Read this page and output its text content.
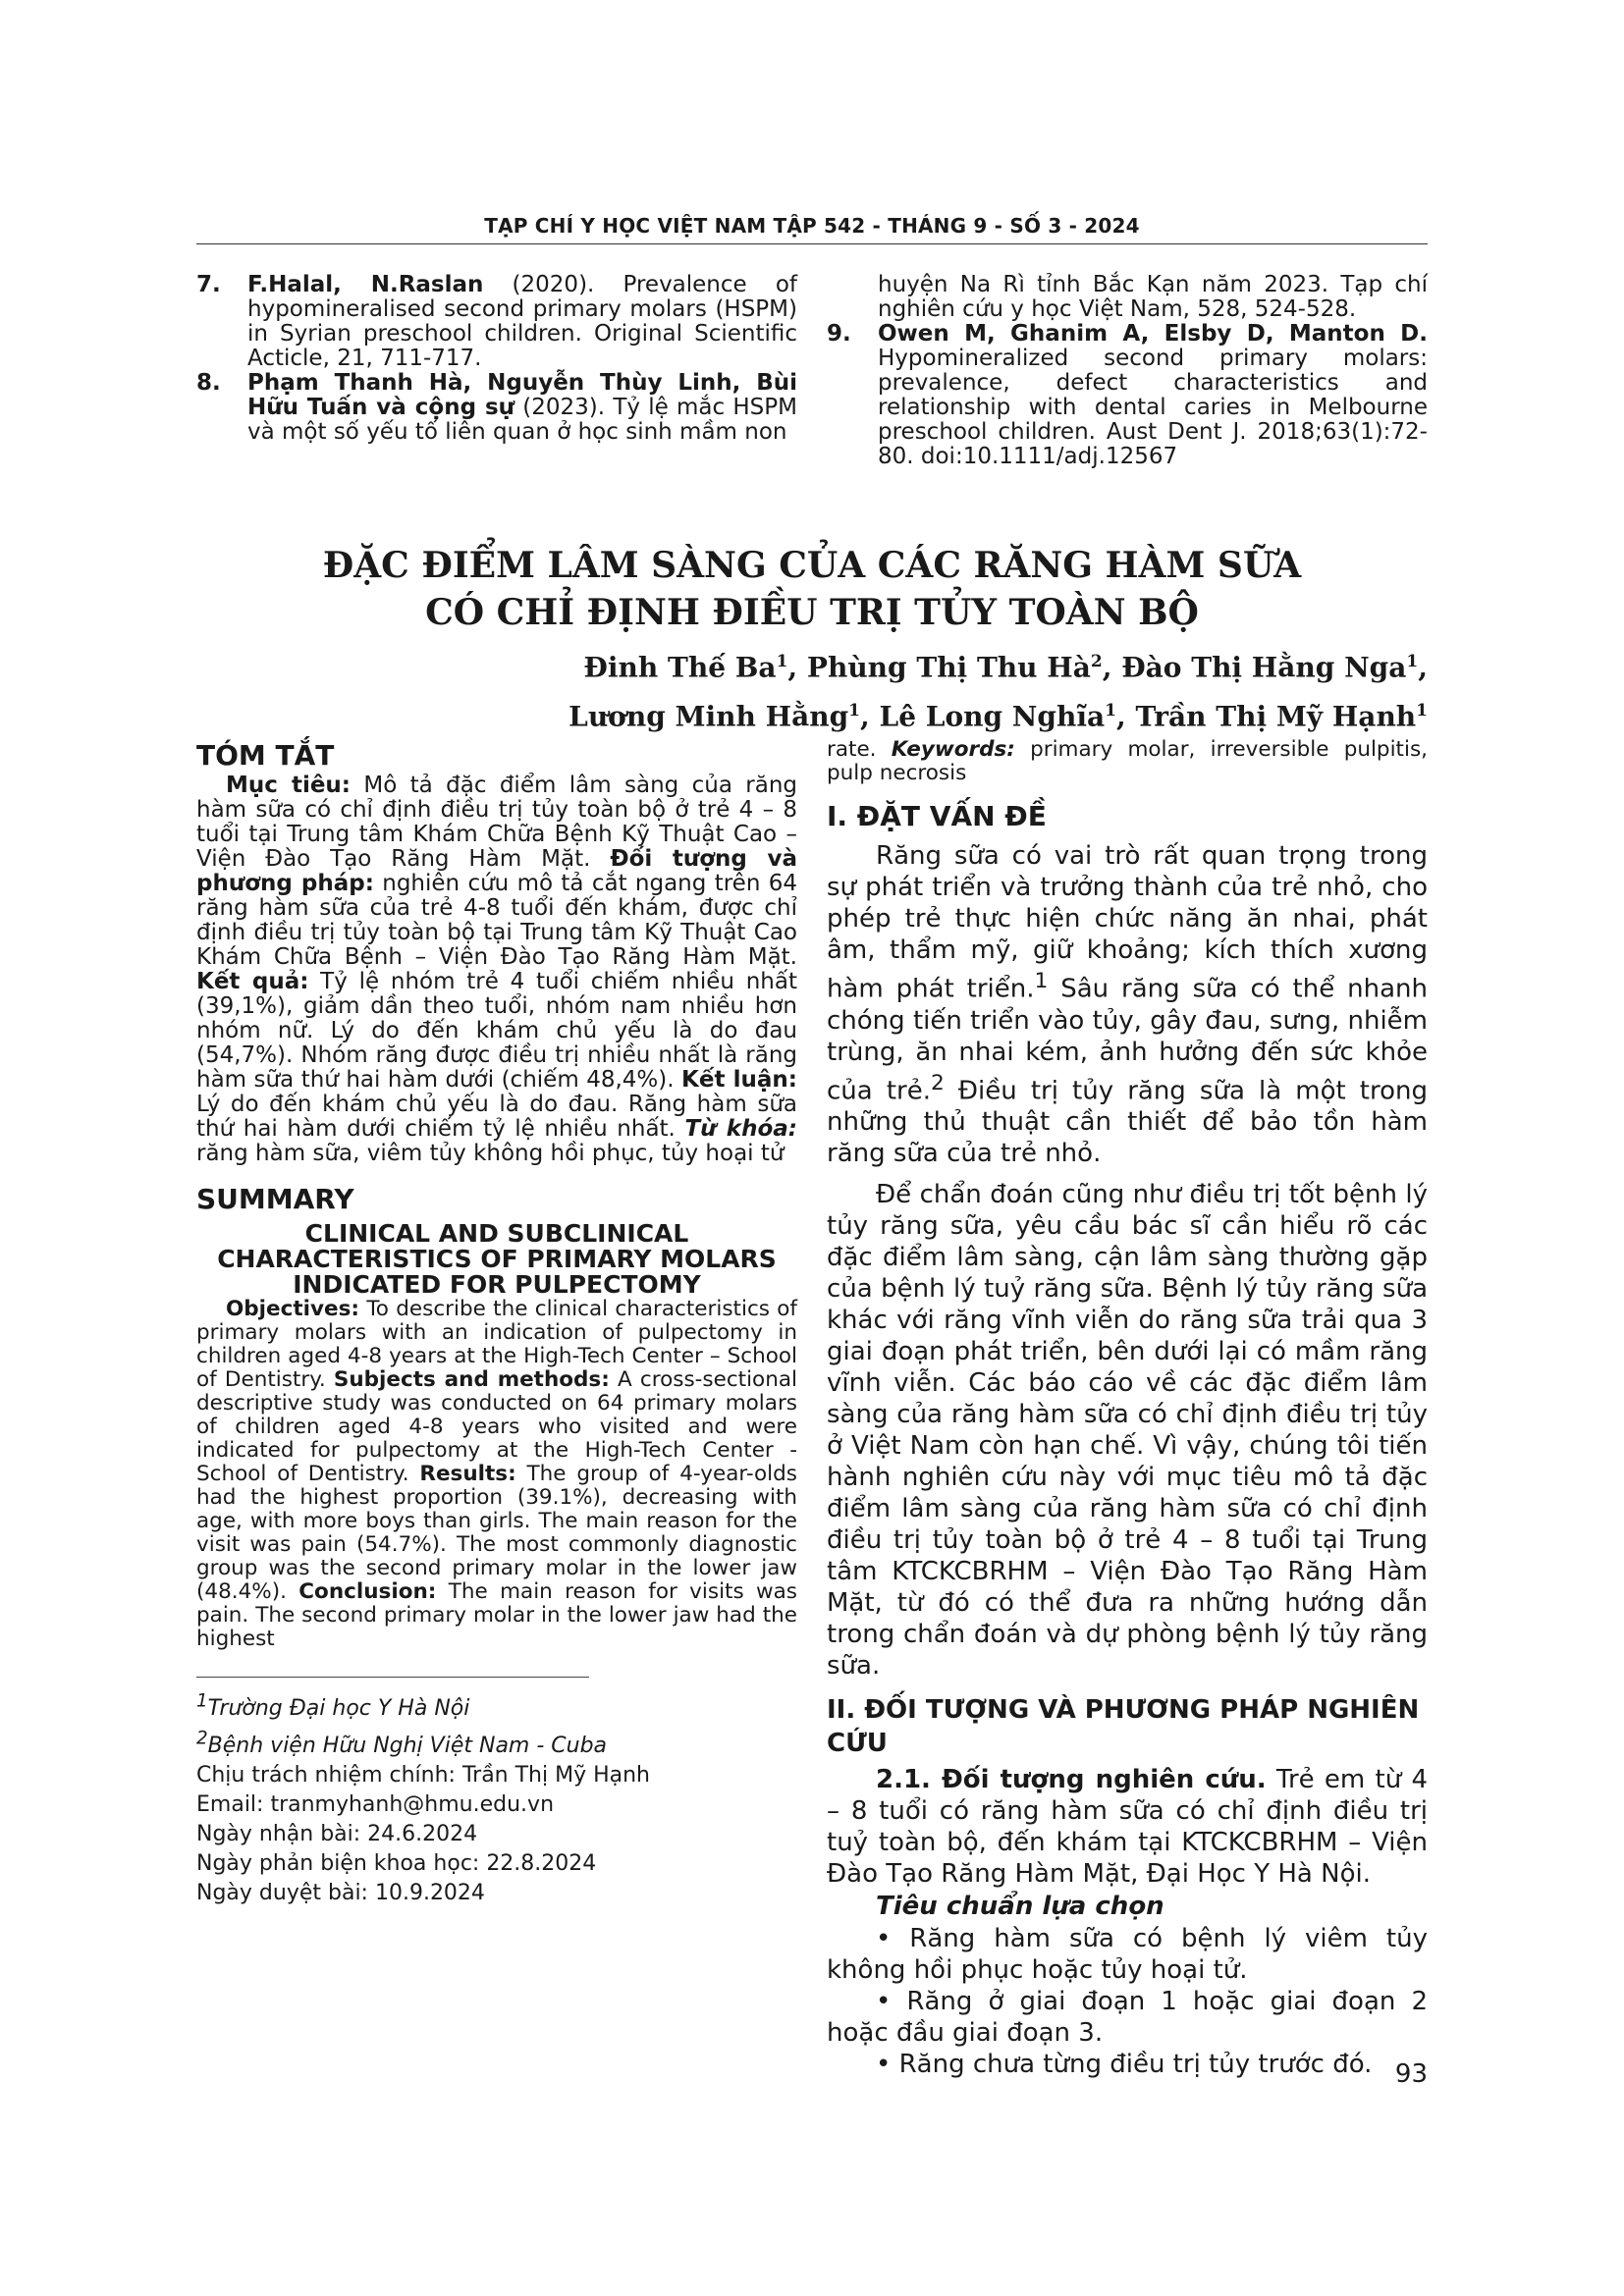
TẠP CHÍ Y HỌC VIỆT NAM TẬP 542 - THÁNG 9 - SỐ 3 - 2024
7.	F.Halal, N.Raslan (2020). Prevalence of hypomineralised second primary molars (HSPM) in Syrian preschool children. Original Scientific Acticle, 21, 711-717.
8.	Phạm Thanh Hà, Nguyễn Thùy Linh, Bùi Hữu Tuấn và cộng sự (2023). Tỷ lệ mắc HSPM và một số yếu tố liên quan ở học sinh mầm non
huyện Na Rì tỉnh Bắc Kạn năm 2023. Tạp chí nghiên cứu y học Việt Nam, 528, 524-528.
9.	Owen M, Ghanim A, Elsby D, Manton D. Hypomineralized second primary molars: prevalence, defect characteristics and relationship with dental caries in Melbourne preschool children. Aust Dent J. 2018;63(1):72-80. doi:10.1111/adj.12567
ĐẶC ĐIỂM LÂM SÀNG CỦA CÁC RĂNG HÀM SỮA
CÓ CHỈ ĐỊNH ĐIỀU TRỊ TỦY TOÀN BỘ
Đinh Thế Ba$^1$, Phùng Thị Thu $Hà^2$, Đào Thị Hằng Nga$^1$,
Lương Minh Hằng$^1$, Lê Long Nghĩa$^1$, Trần Thị Mỹ Hạnh$^1$

TÓM TẮT

Mục tiêu: Mô tả đặc điểm lâm sàng của răng hàm sữa có chỉ định điều trị tủy toàn bộ ở trẻ 4 – 8 tuổi tại Trung tâm Khám Chữa Bệnh Kỹ Thuật Cao – Viện Đào Tạo Răng Hàm Mặt. Đối tượng và phương pháp: nghiên cứu mô tả cắt ngang trên 64 răng hàm sữa của trẻ 4-8 tuổi đến khám, được chỉ định điều trị tủy toàn bộ tại Trung tâm Kỹ Thuật Cao Khám Chữa Bệnh – Viện Đào Tạo Răng Hàm Mặt. Kết quả: Tỷ lệ nhóm trẻ 4 tuổi chiếm nhiều nhất (39,1%), giảm dần theo tuổi, nhóm nam nhiều hơn nhóm nữ. Lý do đến khám chủ yếu là do đau (54,7%). Nhóm răng được điều trị nhiều nhất là răng hàm sữa thứ hai hàm dưới (chiếm 48,4%). Kết luận: Lý do đến khám chủ yếu là do đau. Răng hàm sữa thứ hai hàm dưới chiếm tỷ lệ nhiều nhất. Từ khóa: răng hàm sữa, viêm tủy không hồi phục, tủy hoại tử

SUMMARY

CLINICAL AND SUBCLINICAL CHARACTERISTICS OF PRIMARY MOLARS INDICATED FOR PULPECTOMY

Objectives: To describe the clinical characteristics of primary molars with an indication of pulpectomy in children aged 4-8 years at the High-Tech Center – School of Dentistry. Subjects and methods: A cross-sectional descriptive study was conducted on 64 primary molars of children aged 4-8 years who visited and were indicated for pulpectomy at the High-Tech Center - School of Dentistry. Results: The group of 4-year-olds had the highest proportion (39.1%), decreasing with age, with more boys than girls. The main reason for the visit was pain (54.7%). The most commonly diagnostic group was the second primary molar in the lower jaw (48.4%). Conclusion: The main reason for visits was pain. The second primary molar in the lower jaw had the highest

$^1$Trường Đại học Y Hà Nội

$^2$Bệnh viện Hữu Nghị Việt Nam - Cuba

Chịu trách nhiệm chính: Trần Thị Mỹ Hạnh

Email: tranmyhanh@hmu.edu.vn

Ngày nhận bài: 24.6.2024

Ngày phản biện khoa học: 22.8.2024

Ngày duyệt bài: 10.9.2024

rate. Keywords: primary molar, irreversible pulpitis, pulp necrosis

I. ĐẶT VẤN ĐỀ

Răng sữa có vai trò rất quan trọng trong sự phát triển và trưởng thành của trẻ nhỏ, cho phép trẻ thực hiện chức năng ăn nhai, phát âm, thẩm mỹ, giữ khoảng; kích thích xương hàm phát triển.$^1$ Sâu răng sữa có thể nhanh chóng tiến triển vào tủy, gây đau, sưng, nhiễm trùng, ăn nhai kém, ảnh hưởng đến sức khỏe của trẻ.$^2$ Điều trị tủy răng sữa là một trong những thủ thuật cần thiết để bảo tồn hàm răng sữa của trẻ nhỏ.

Để chẩn đoán cũng như điều trị tốt bệnh lý tủy răng sữa, yêu cầu bác sĩ cần hiểu rõ các đặc điểm lâm sàng, cận lâm sàng thường gặp của bệnh lý tuỷ răng sữa. Bệnh lý tủy răng sữa khác với răng vĩnh viễn do răng sữa trải qua 3 giai đoạn phát triển, bên dưới lại có mầm răng vĩnh viễn. Các báo cáo về các đặc điểm lâm sàng của răng hàm sữa có chỉ định điều trị tủy ở Việt Nam còn hạn chế. Vì vậy, chúng tôi tiến hành nghiên cứu này với mục tiêu mô tả đặc điểm lâm sàng của răng hàm sữa có chỉ định điều trị tủy toàn bộ ở trẻ 4 – 8 tuổi tại Trung tâm KTCKCBRHM – Viện Đào Tạo Răng Hàm Mặt, từ đó có thể đưa ra những hướng dẫn trong chẩn đoán và dự phòng bệnh lý tủy răng sữa.

II. ĐỐI TƯỢNG VÀ PHƯƠNG PHÁP NGHIÊN CỨU

2.1. Đối tượng nghiên cứu. Trẻ em từ 4 – 8 tuổi có răng hàm sữa có chỉ định điều trị tuỷ toàn bộ, đến khám tại KTCKCBRHM – Viện Đào Tạo Răng Hàm Mặt, Đại Học Y Hà Nội.

Tiêu chuẩn lựa chọn

• Răng hàm sữa có bệnh lý viêm tủy không hồi phục hoặc tủy hoại tử.

• Răng ở giai đoạn 1 hoặc giai đoạn 2 hoặc đầu giai đoạn 3.

• Răng chưa từng điều trị tủy trước đó. 93
